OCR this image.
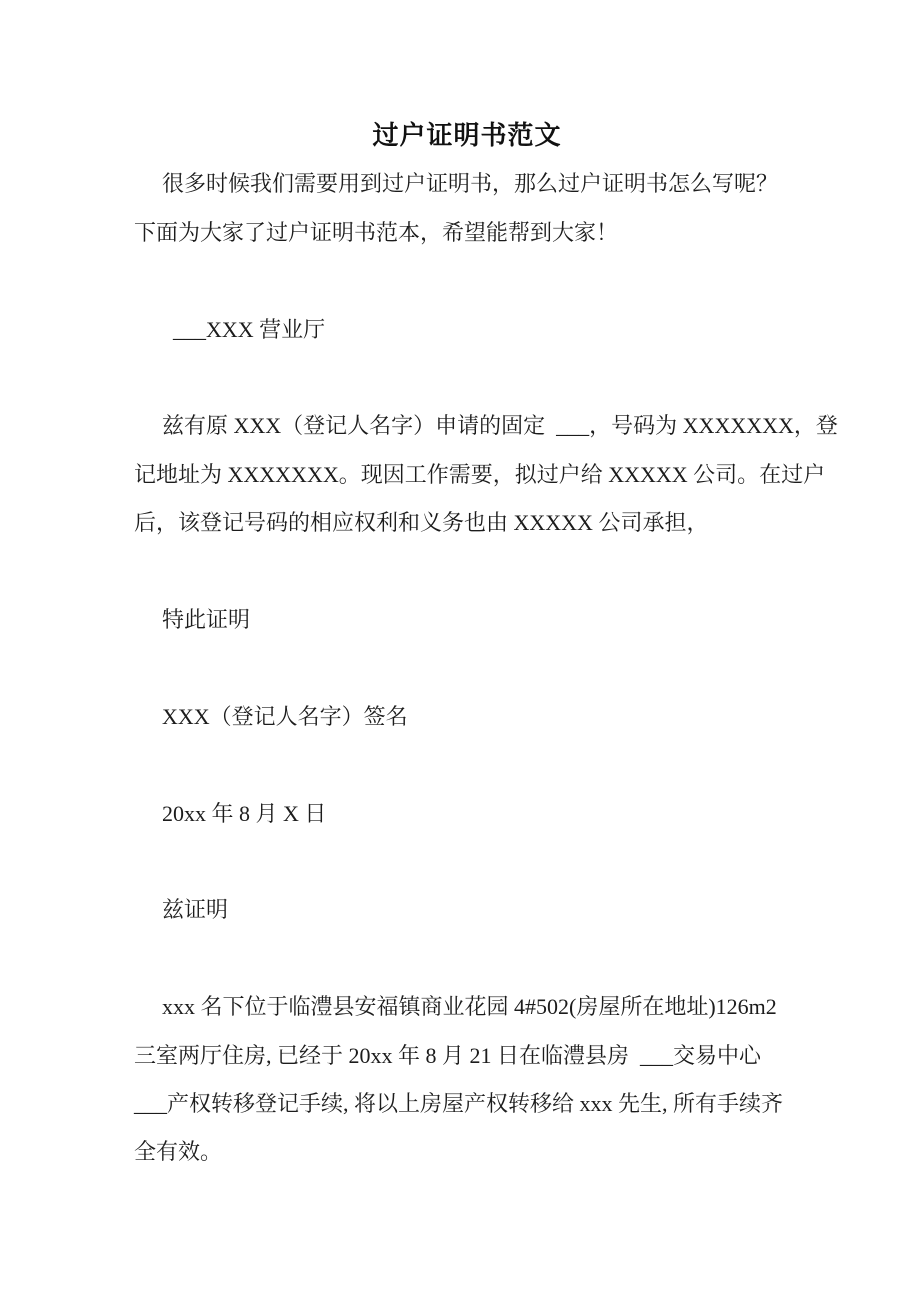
过户证明书范文
很多时候我们需要用到过户证明书，那么过户证明书怎么写呢？
下面为大家了过户证明书范本，希望能帮到大家！
___XXX 营业厅
兹有原 XXX（登记人名字）申请的固定  ___，号码为 XXXXXXX，登
记地址为 XXXXXXX。现因工作需要，拟过户给 XXXXX 公司。在过户
后，该登记号码的相应权利和义务也由 XXXXX 公司承担，
特此证明
XXX（登记人名字）签名
20xx 年 8 月 X 日
兹证明
xxx 名下位于临澧县安福镇商业花园 4#502(房屋所在地址)126m2
三室两厅住房, 已经于 20xx 年 8 月 21 日在临澧县房  ___交易中心
___产权转移登记手续, 将以上房屋产权转移给 xxx 先生, 所有手续齐
全有效。
